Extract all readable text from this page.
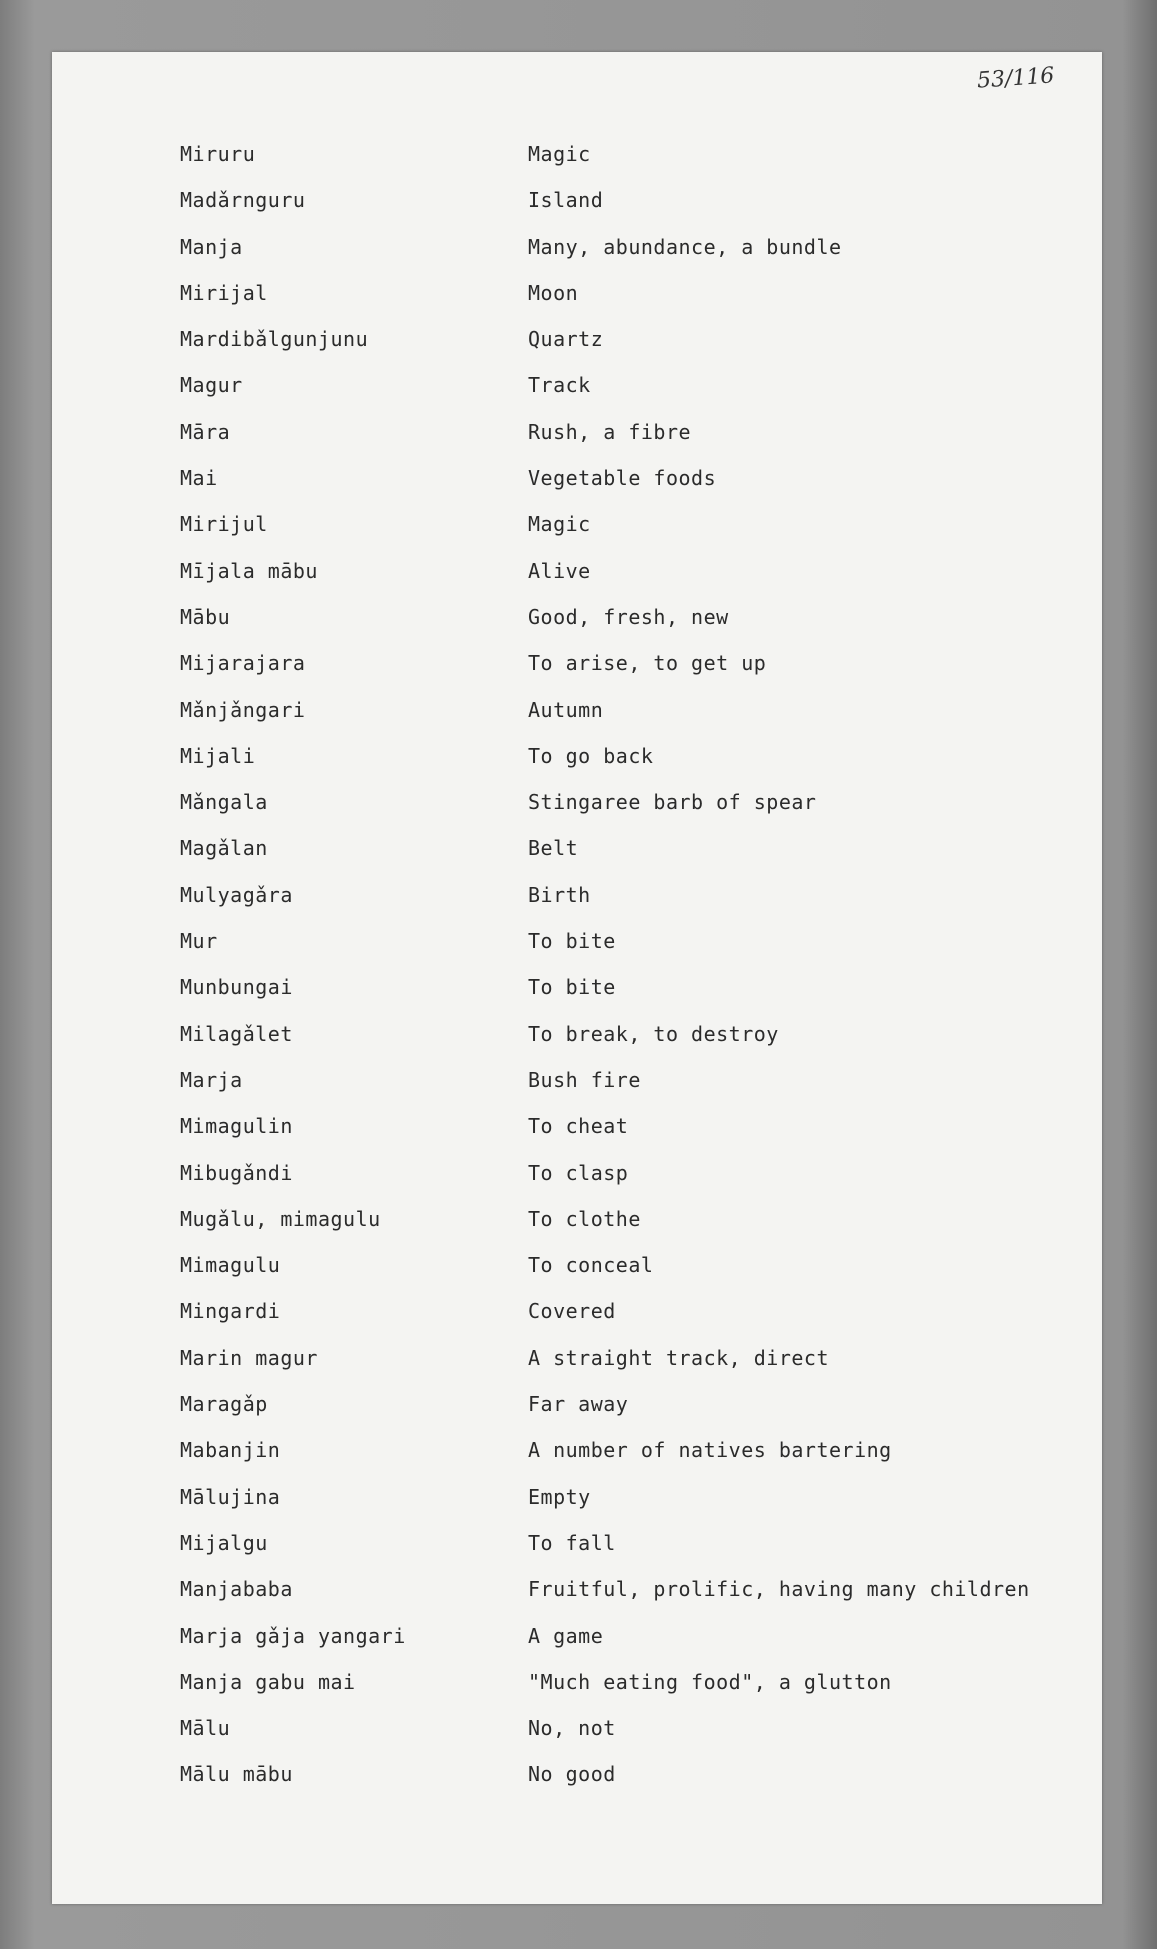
53/116
Miruru	Magic
Madǎrnguru	Island
Manja	Many, abundance, a bundle
Mirijal	Moon
Mardibǎlgunjunu	Quartz
Magur	Track
Māra	Rush, a fibre
Mai	Vegetable foods
Mirijul	Magic
Mījala mābu	Alive
Mābu	Good, fresh, new
Mijarajara	To arise, to get up
Mǎnjǎngari	Autumn
Mijali	To go back
Mǎngala	Stingaree barb of spear
Magǎlan	Belt
Mulyagǎra	Birth
Mur	To bite
Munbungai	To bite
Milagǎlet	To break, to destroy
Marja	Bush fire
Mimagulin	To cheat
Mibugǎndi	To clasp
Mugǎlu, mimagulu	To clothe
Mimagulu	To conceal
Mingardi	Covered
Marin magur	A straight track, direct
Maragǎp	Far away
Mabanjin	A number of natives bartering
Mālujina	Empty
Mijalgu	To fall
Manjababa	Fruitful, prolific, having many children
Marja gǎja yangari	A game
Manja gabu mai	"Much eating food", a glutton
Mālu	No, not
Mālu mābu	No good
